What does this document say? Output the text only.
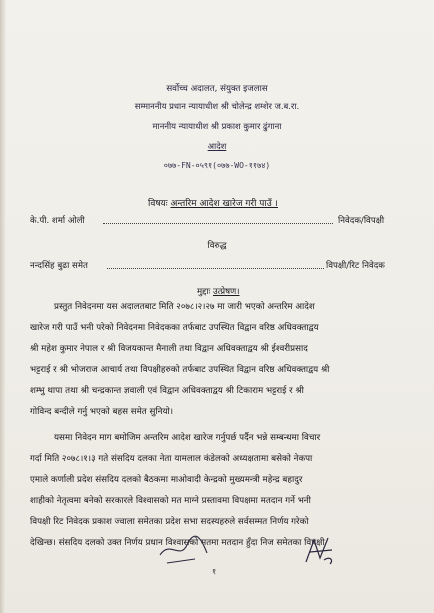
सर्वोच्च अदालत, संयुक्त इजलास
सम्माननीय प्रधान न्यायाधीश श्री चोलेन्द्र शम्शेर ज.ब.रा.
माननीय न्यायाधीश श्री प्रकाश कुमार ढुंगाना
आदेश
०७७-FN-०५९१(०७७-WO-११७४)
विषयः अन्तरिम आदेश खारेज गरी पाउँ ।
के.पी. शर्मा ओली	निवेदक/विपक्षी
विरुद्ध
नन्दसिंह बुढा समेत	विपक्षी/रिट निवेदक
मुद्दाः उत्प्रेषण।
प्रस्तुत निवेदनमा यस अदालतबाट मिति २०७८।२।२७ मा जारी भएको अन्तरिम आदेश
खारेज गरी पाउँ भनी परेको निवेदनमा निवेदकका तर्फबाट उपस्थित विद्वान वरिष्ठ अधिवक्ताद्वय
श्री महेश कुमार नेपाल र श्री विजयकान्त मैनाली तथा विद्वान अधिवक्ताद्वय श्री ईश्वरीप्रसाद
भट्टराई र श्री भोजराज आचार्य तथा विपक्षीहरुको तर्फबाट उपस्थित विद्वान वरिष्ठ अधिवक्ताद्वय श्री
शम्भु थापा तथा श्री चन्द्रकान्त ज्ञवाली एवं विद्वान अधिवक्ताद्वय श्री टिकाराम भट्टराई र श्री
गोविन्द बन्दीले गर्नु भएको बहस समेत सुनियो।
यसमा निवेदन माग बमोजिम अन्तरिम आदेश खारेज गर्नुपर्छ पर्दैन भन्ने सम्बन्धमा विचार
गर्दा मिति २०७८।१।३ गते संसदिय दलका नेता यामलाल कंडेलको अध्यक्षतामा बसेको नेकपा
एमाले कर्णाली प्रदेश संसदिय दलको बैठकमा माओवादी केन्द्रको मुख्यमन्त्री महेन्द्र बहादुर
शाहीको नेतृत्वमा बनेको सरकारले विश्वासको मत माग्ने प्रस्तावमा विपक्षमा मतदान गर्ने भनी
विपक्षी रिट निवेदक प्रकाश ज्वाला समेतका प्रदेश सभा सदस्यहरुले सर्वसम्मत निर्णय गरेको
देखिन्छ। संसदिय दलको उक्त निर्णय प्रधान विश्वासको मतमा मतदान हुँदा निज समेतका विपक्षी
१
